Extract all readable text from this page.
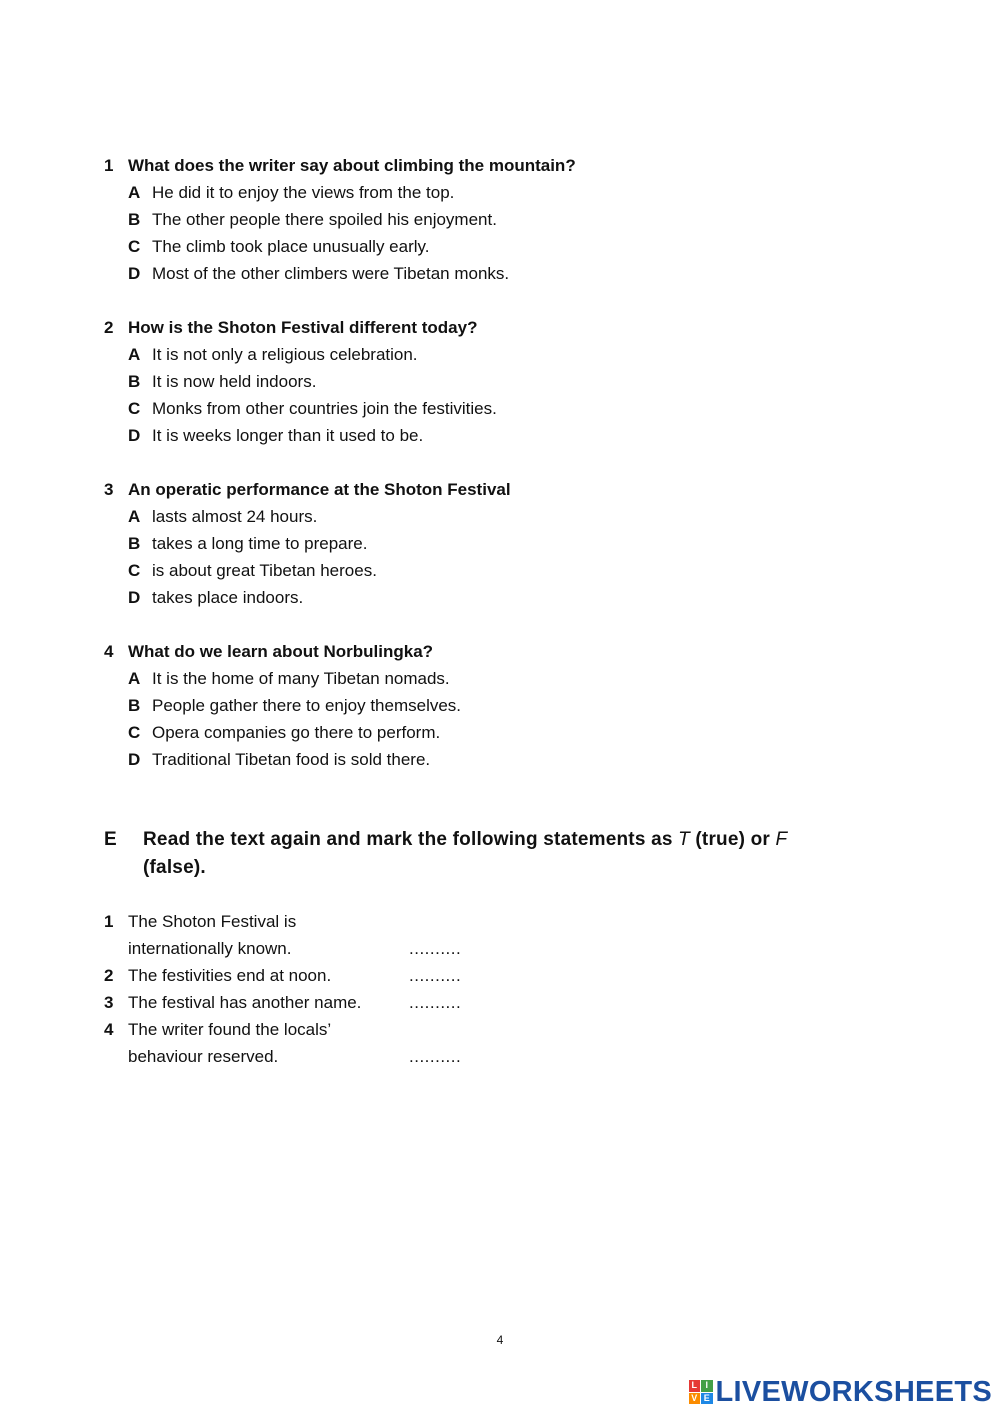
1 What does the writer say about climbing the mountain?
A He did it to enjoy the views from the top.
B The other people there spoiled his enjoyment.
C The climb took place unusually early.
D Most of the other climbers were Tibetan monks.
2 How is the Shoton Festival different today?
A It is not only a religious celebration.
B It is now held indoors.
C Monks from other countries join the festivities.
D It is weeks longer than it used to be.
3 An operatic performance at the Shoton Festival
A lasts almost 24 hours.
B takes a long time to prepare.
C is about great Tibetan heroes.
D takes place indoors.
4 What do we learn about Norbulingka?
A It is the home of many Tibetan nomads.
B People gather there to enjoy themselves.
C Opera companies go there to perform.
D Traditional Tibetan food is sold there.
E Read the text again and mark the following statements as T (true) or F
(false).
1 The Shoton Festival is
internationally known.	..........
2 The festivities end at noon.	..........
3 The festival has another name.	..........
4 The writer found the locals’
behaviour reserved.	..........
4
L I
V E LIVEWORKSHEETS
